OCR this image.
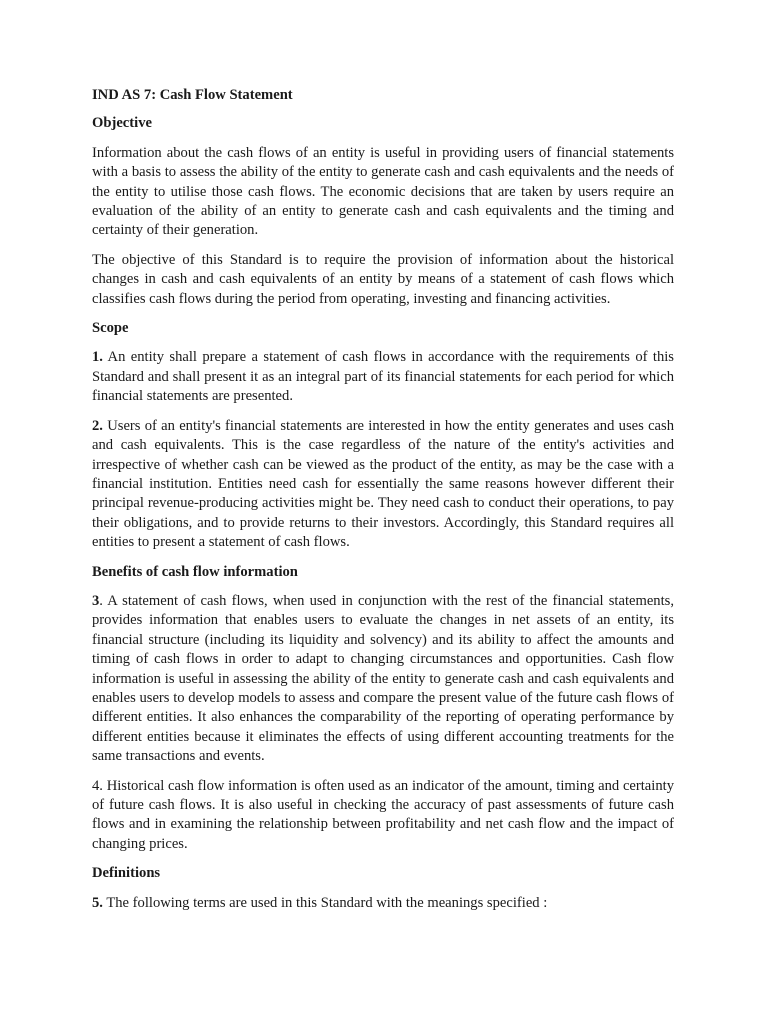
IND AS 7: Cash Flow Statement
Objective

Information about the cash flows of an entity is useful in providing users of financial statements with a basis to assess the ability of the entity to generate cash and cash equivalents and the needs of the entity to utilise those cash flows. The economic decisions that are taken by users require an evaluation of the ability of an entity to generate cash and cash equivalents and the timing and certainty of their generation.

The objective of this Standard is to require the provision of information about the historical changes in cash and cash equivalents of an entity by means of a statement of cash flows which classifies cash flows during the period from operating, investing and financing activities.

Scope

1. An entity shall prepare a statement of cash flows in accordance with the requirements of this Standard and shall present it as an integral part of its financial statements for each period for which financial statements are presented.

2. Users of an entity's financial statements are interested in how the entity generates and uses cash and cash equivalents. This is the case regardless of the nature of the entity's activities and irrespective of whether cash can be viewed as the product of the entity, as may be the case with a financial institution. Entities need cash for essentially the same reasons however different their principal revenue-producing activities might be. They need cash to conduct their operations, to pay their obligations, and to provide returns to their investors. Accordingly, this Standard requires all entities to present a statement of cash flows.

Benefits of cash flow information

3. A statement of cash flows, when used in conjunction with the rest of the financial statements, provides information that enables users to evaluate the changes in net assets of an entity, its financial structure (including its liquidity and solvency) and its ability to affect the amounts and timing of cash flows in order to adapt to changing circumstances and opportunities. Cash flow information is useful in assessing the ability of the entity to generate cash and cash equivalents and enables users to develop models to assess and compare the present value of the future cash flows of different entities. It also enhances the comparability of the reporting of operating performance by different entities because it eliminates the effects of using different accounting treatments for the same transactions and events.

4. Historical cash flow information is often used as an indicator of the amount, timing and certainty of future cash flows. It is also useful in checking the accuracy of past assessments of future cash flows and in examining the relationship between profitability and net cash flow and the impact of changing prices.

Definitions

5. The following terms are used in this Standard with the meanings specified :
